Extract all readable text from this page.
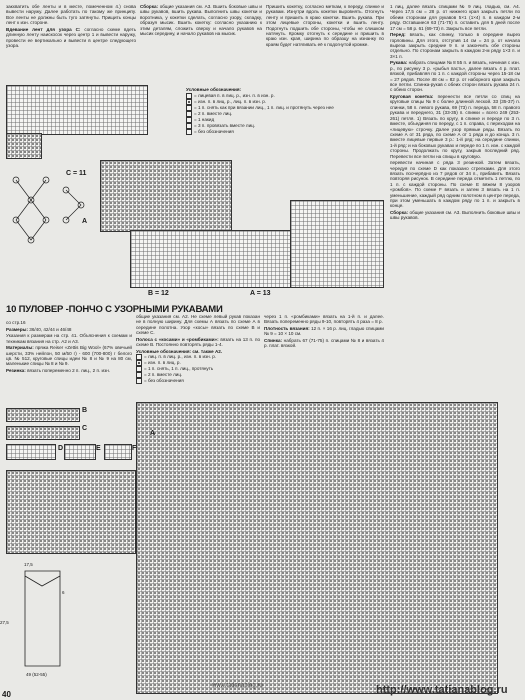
закхватить обе ленты и в месте, помеченном 4.) снова вывести наружу. Далее работать по такому же принципу. Все ленты не должны быть туго затянуты. Прищить концы лент к изн. стороне.

Вдевание лент для узора С: согласно схеме вдеть длинную ленту наискосок через центр 1 и вывести наружу, провести ее вертикально и вывести в центре следующего узора.

Сборка: общие указания см. А3. Вшить боковые швы и швы рукавов, вшить рукава. Выполнить швы кокетки и воротника, у кокетки сделать, согласно узору, складку, образуя мысик. Вшить кокетку: согласно указанию к этим деталям, сложить сверху и начало рукавов на мысик середину, и начало рукавов на мысик.

Пришить кокетку, согласно меткам, к переду, спинке и рукавам. Изнутри вдоль кокетки выровнять. Отогнуть ленту и пришить в краю кокетки. Вшить рукава. При этом лицевые стороны, кокетки и вшить ленту. Подогнуть подшить обе стороны, чтобы не слишком натянуть. Кромку отогнуть к середине и пришить в краю изн. края, ширина по образцу на изнанку по краям будет натягивать её к подогнутой кромке.

1 лиц, далее вязать спицами № 9 лиц. гладью, см. А4. Через 17,5 см = 28 р. от нижнего края закрыть петли по обеим сторонам для рукавов 5×1 (1×4) п. в каждом 2-м ряду. Оставшиеся 63 (71-75) п. оставить для 5 дней после 17 см = 58 р. 61 (69-73) п. Закрыть все петли.

Перед: вязать, как спинку, только в середине вырез горловины. Для этого, отступив 14 см = 24 р. от начала выреза закрыть средние 9 п. и закончить обе стороны отдельно. По сторонам закрыть в каждом 2-м ряду 1×3 п. и 3×1 п.

Рукава: набрать спицами № 8 55 п. и вязать, начиная с изн. р., по рисунку 3 р. «рыбья пасть», далее вязать 4 р. плат. вязкой, прибавляя по 1 п. с каждой стороны через 15-18 см = 27 рядов. После 48 см = 82 р. от наборного края закрыть все петли. Спинка-рукав с обеих сторон вязать рукава 24 п. с обеих сторон.

Круговая кокетка: перенести все петли со спиц на круговые спицы № 9 с более длинной леской. 33 (35-37) п. спинки, 58 п. левого рукава, 69 (73) п. переда, 58 п. правого рукава и переднего, 31 (33-35) п. спинки = всего 249 (253-261) петля. 1) Вязать по кругу, в спинке и переде по 3 п. вместе, объединяя по переду, с 1 п. справа, с переходом на «лицевую» строчку. Далее узор прямые ряды. Вязать по схеме А от 31 ряда, по схеме А от 1 ряда и до конца. 3 п. вместе лицевые первые 3 р.: 1-й ряд: на середине спинки, 1-й ряд: и на боковых рукавах и переде по 1 п. изн. с каждой стороны. Продолжать по кругу, закрыв последний ряд. Перевести все петли на спицы в круговую.

перевести начиная с ряда 3 резинкой. Затем вязать, чередуя по схеме D как показано стрелками. Для этого вязать поочерёдно из 7 рядов от 34 п., прибавить. Вязать повторяя рисунок. В середине переда отметить 1 петлю, по 1 п. с каждой стороны. По схеме Е вяжем 8 узоров «ромбов». По схеме F вязать и затем 3 вязать на 1 п. уменьшение, каждый ряд одним полотном в центре переда, при этом уменьшать в каждом ряду по 1 п. и закрыть в конце.

Сборка: общие указания см. А3. Выполнить боковые швы и швы рукавов.

Условные обозначения:
= лицевая п. в лиц. р., изн. п. в изн. р.
= изн. п. в лиц. р., лиц. п. в изн. р.
= 1 п. снять как при вязании лиц., 1 п. лиц. и протянуть через нее
= 2 п. вместе лиц.
= 1 накид
= 3 п. провязать вместе лиц.
= без обозначения
C = 11
A
B = 12	A = 13
10 ПУЛОВЕР -ПОНЧО С УЗОРНЫМИ РУКАВАМИ

со стр.16

Размеры: 36/40, 42/44 и 46/48

Указания к размерам на стр. 41. Объяснения к схемам и техникам вязания на стр. А2 и А3.

Материалы: пряжа Reiser «Zettis Big Wool» (67% овечьей шерсти, 33% нейлон, 50 м/50 г) - 600 (700-800) г белого цв. № 512, круговые спицы идеи № 8 и № 9 на 80 см, маленькие спицы № 8 и № 9.

Резинка: вязать попеременно 2 п. лиц., 2 п. изн.

общие указания см. А2. Не схеме левый рукав показан не в полную ширину. Для схемы А вязать по схеме А в середине полотна. Узор «косы» вязать по схеме В и схеме С.

Полоса с «косами» и «ромбиками»: вязать на 13 п. по схеме В. Постоянно повторять ряды 1-4.

Условные обозначения: см. также А2.
= лиц. п. в лиц. р., изн. п. в изн. р.
= изн. п. в лиц. р.
= 1 п. снять, 1 п. лиц., протянуть
= 2 п. вместе лиц.
= без обозначения

через 1 п. «ромбиками» вязать на 1-й п. и далее. Вязать попеременно ряды 9-10, повторять 4 раза = 8 р.

Плотность вязания: 12 п. × 16 р. лиц. гладью спицами № 9 = 10 × 10 см.

Спинка: набрать 67 (71-75) п. спицами № 8 и вязать 4 р. плат. вязкой.

B
C
D	E	F
A
17,5
6
27,5
49 (52-55)
www.tatianablog.ru	http://www.tatianablog.ru
40
